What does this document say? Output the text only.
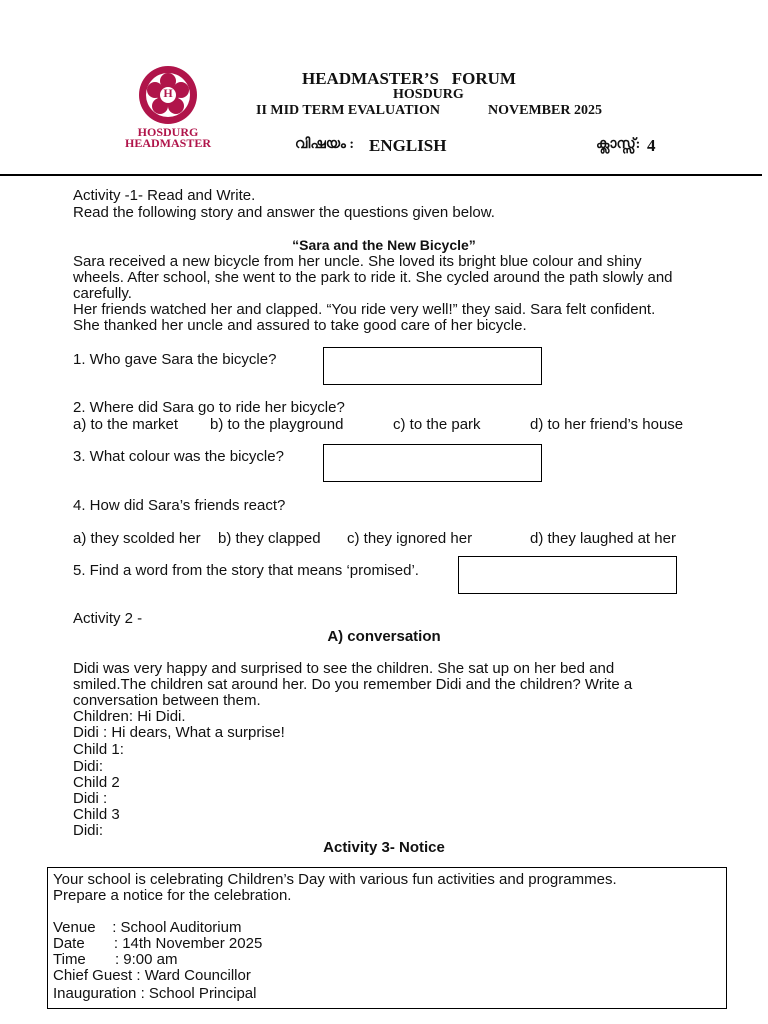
H
HOSDURG
HEADMASTER
HEADMASTER’S   FORUM
HOSDURG
II MID TERM EVALUATION	NOVEMBER 2025
വിഷയം : ENGLISH	ക്ലാസ്സ്: 4
Activity -1- Read and Write.
Read the following story and answer the questions given below.
“Sara and the New Bicycle”
Sara received a new bicycle from her uncle. She loved its bright blue colour and shiny
wheels. After school, she went to the park to ride it. She cycled around the path slowly and
carefully.
Her friends watched her and clapped. “You ride very well!” they said. Sara felt confident.
She thanked her uncle and assured to take good care of her bicycle.
1. Who gave Sara the bicycle?
2. Where did Sara go to ride her bicycle?
a) to the market b) to the playground	c) to the park	d) to her friend’s house
3. What colour was the bicycle?
4. How did Sara’s friends react?
a) they scolded her b) they clapped c) they ignored her	d) they laughed at her
5. Find a word from the story that means ‘promised’.
Activity 2 -
A) conversation
Didi was very happy and surprised to see the children. She sat up on her bed and
smiled.The children sat around her. Do you remember Didi and the children? Write a
conversation between them.
Children: Hi Didi.
Didi : Hi dears, What a surprise!
Child 1:
Didi:
Child 2
Didi :
Child 3
Didi:
Activity 3- Notice
Your school is celebrating Children’s Day with various fun activities and programmes.
Prepare a notice for the celebration.
Venue    : School Auditorium
Date       : 14th November 2025
Time       : 9:00 am
Chief Guest : Ward Councillor
Inauguration : School Principal
